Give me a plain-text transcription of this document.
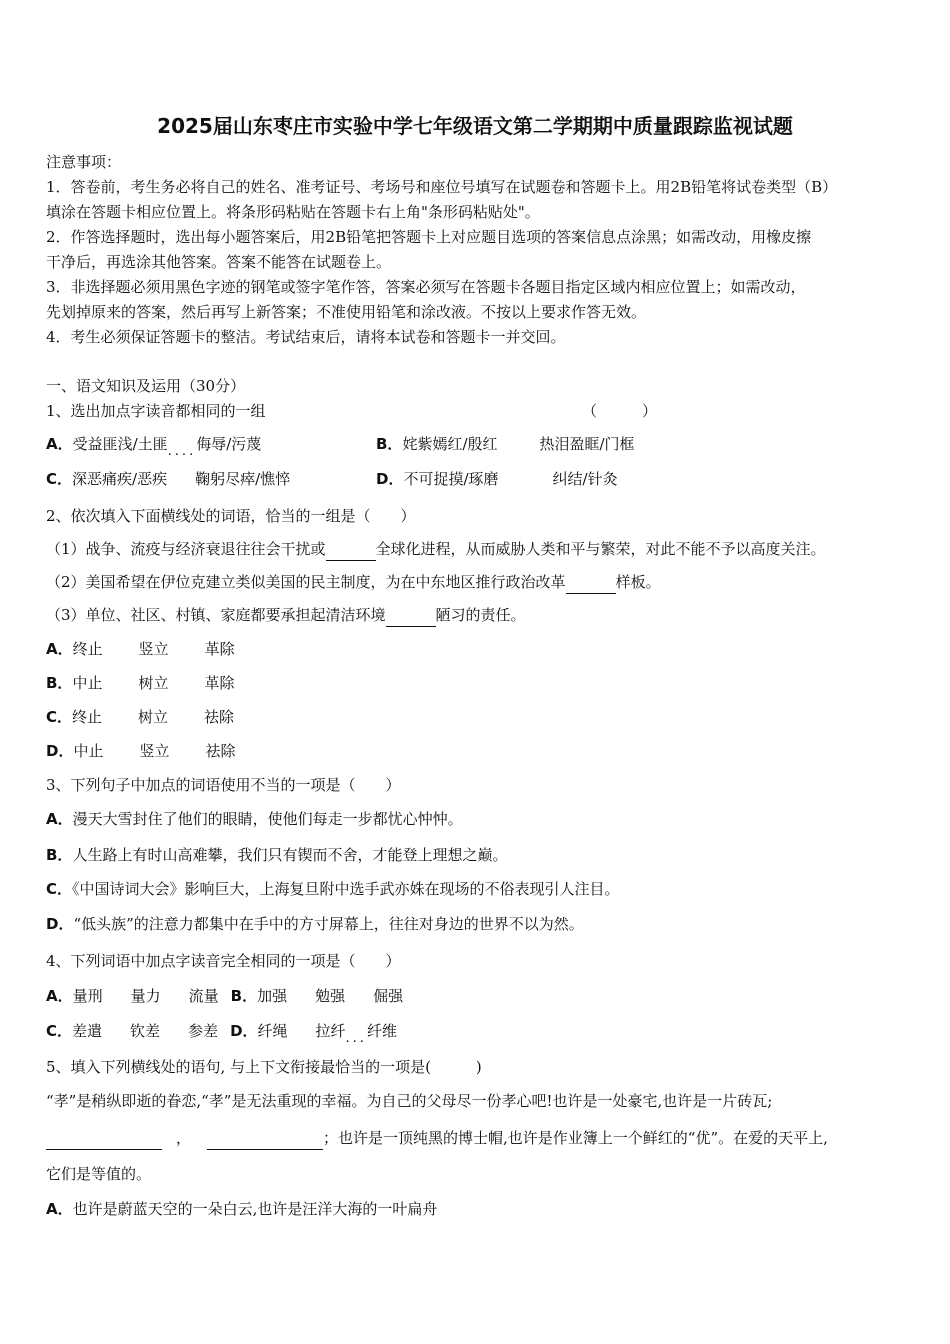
2025届山东枣庄市实验中学七年级语文第二学期期中质量跟踪监视试题
注意事项：
1．答卷前，考生务必将自己的姓名、准考证号、考场号和座位号填写在试题卷和答题卡上。用2B铅笔将试卷类型（B）
填涂在答题卡相应位置上。将条形码粘贴在答题卡右上角"条形码粘贴处"。
2．作答选择题时，选出每小题答案后，用2B铅笔把答题卡上对应题目选项的答案信息点涂黑；如需改动，用橡皮擦
干净后，再选涂其他答案。答案不能答在试题卷上。
3．非选择题必须用黑色字迹的钢笔或签字笔作答，答案必须写在答题卡各题目指定区域内相应位置上；如需改动，
先划掉原来的答案，然后再写上新答案；不准使用铅笔和涂改液。不按以上要求作答无效。
4．考生必须保证答题卡的整洁。考试结束后，请将本试卷和答题卡一并交回。
一、语文知识及运用（30分）
1、选出加点字读音都相同的一组	（　　　）
A．受益匪浅/土匪....侮辱/污蔑	B．姹紫嫣红/殷红	热泪盈眶/门框
C．深恶痛疾/恶疾 鞠躬尽瘁/憔悴	D．不可捉摸/琢磨	纠结/针灸
2、依次填入下面横线处的词语，恰当的一组是（　　）
（1）战争、流疫与经济衰退往往会干扰或	全球化进程，从而威胁人类和平与繁荣，对此不能不予以高度关注。
（2）美国希望在伊位克建立类似美国的民主制度，为在中东地区推行政治改革	样板。
（3）单位、社区、村镇、家庭都要承担起清洁环境	陋习的责任。
A．终止 竖立 革除
B．中止 树立 革除
C．终止 树立 祛除
D．中止 竖立 祛除
3、下列句子中加点的词语使用不当的一项是（　　）
A．漫天大雪封住了他们的眼睛，使他们每走一步都忧心忡忡。
B．人生路上有时山高难攀，我们只有锲而不舍，才能登上理想之巅。
C．《中国诗词大会》影响巨大，上海复旦附中选手武亦姝在现场的不俗表现引人注目。
D．“低头族”的注意力都集中在手中的方寸屏幕上，往往对身边的世界不以为然。
4、下列词语中加点字读音完全相同的一项是（　　）
A．量刑 量力 流量 B．加强 勉强 倔强
C．差遣 钦差 参差 D．纤绳 拉纤...纤维
5、填入下列横线处的语句, 与上下文衔接最恰当的一项是(　　　)
“孝”是稍纵即逝的眷恋,“孝”是无法重现的幸福。为自己的父母尽一份孝心吧!也许是一处豪宅,也许是一片砖瓦;
，	；也许是一顶纯黑的博士帽,也许是作业簿上一个鲜红的“优”。在爱的天平上,
它们是等值的。
A．也许是蔚蓝天空的一朵白云,也许是汪洋大海的一叶扁舟
